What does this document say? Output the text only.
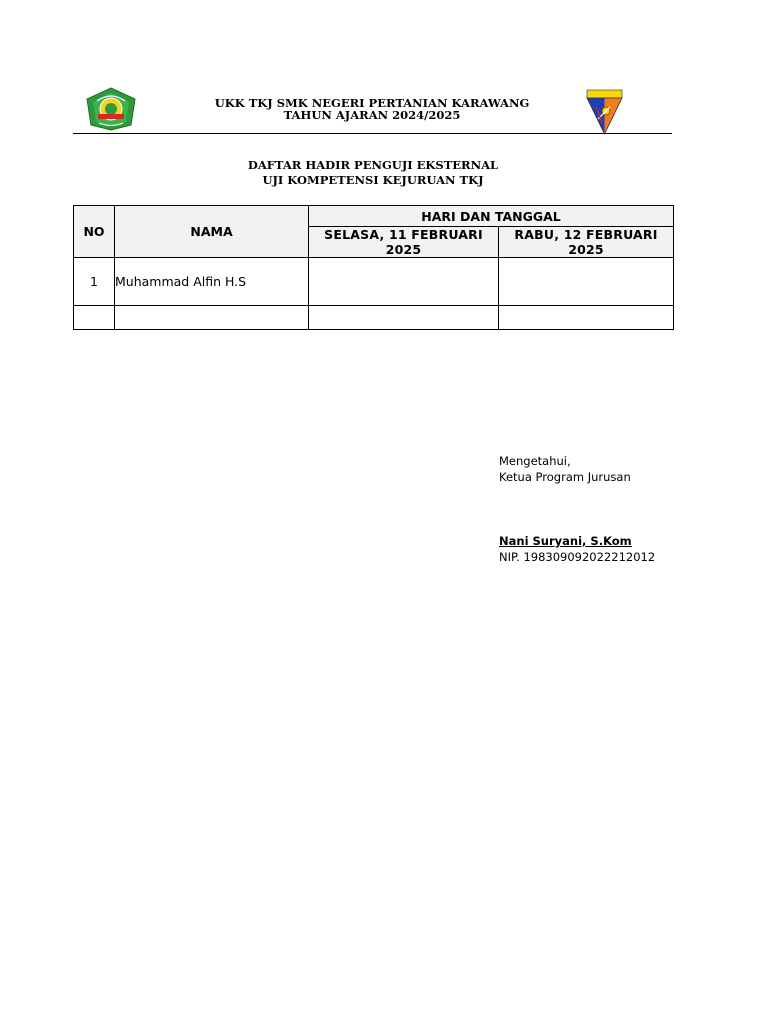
UKK TKJ SMK NEGERI PERTANIAN KARAWANG
TAHUN AJARAN 2024/2025
DAFTAR HADIR PENGUJI EKSTERNAL
UJI KOMPETENSI KEJURUAN TKJ
NO	NAMA	HARI DAN TANGGAL	
		SELASA, 11 FEBRUARI 2025	RABU, 12 FEBRUARI 2025
1	Muhammad Alfin H.S		

Mengetahui,
Ketua Program Jurusan
Nani Suryani, S.Kom
NIP. 198309092022212012
